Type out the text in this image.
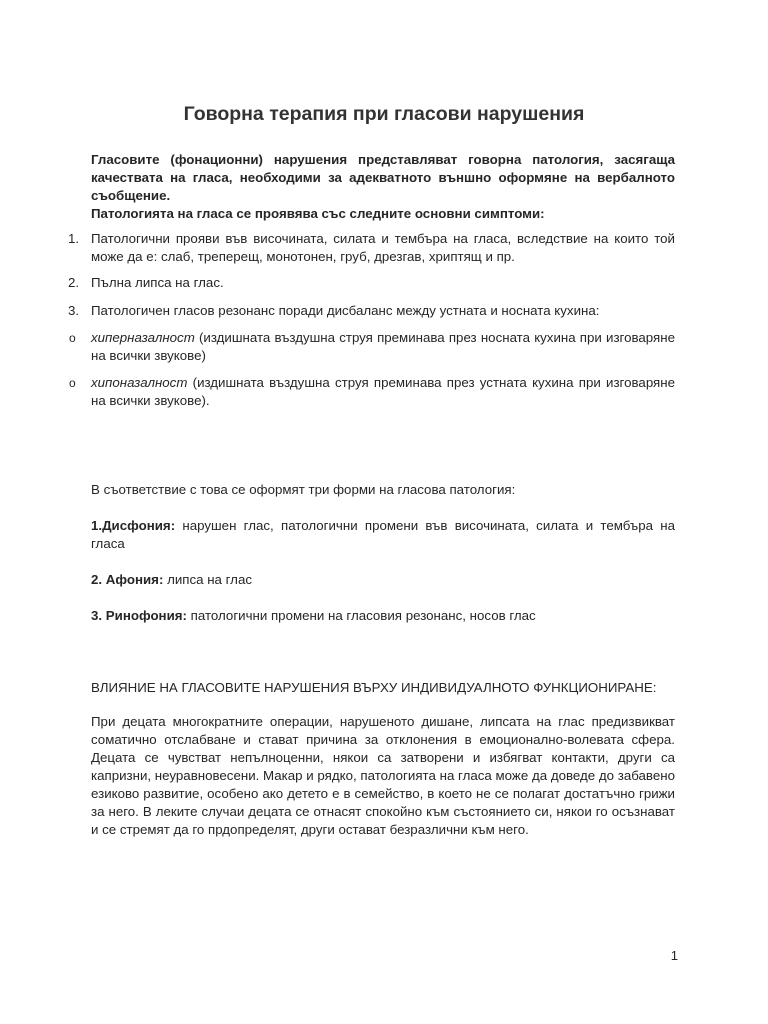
Говорна терапия при гласови нарушения

Гласовите (фонационни) нарушения представляват говорна патология, засягаща качествата на гласа, необходими за адекватното външно оформяне на вербалното съобщение.

Патологията на гласа се проявява със следните основни симптоми:

1. Патологични прояви във височината, силата и тембъра на гласа, вследствие на които той може да е: слаб, треперещ, монотонен, груб, дрезгав, хриптящ и пр.
2. Пълна липса на глас.
3. Патологичен гласов резонанс поради дисбаланс между устната и носната кухина:
o	хиперназалност (издишната въздушна струя преминава през носната кухина при изговаряне на всички звукове)
o	хипоназалност (издишната въздушна струя преминава през устната кухина при изговаряне на всички звукове).
В съответствие с това се оформят три форми на гласова патология:
1.Дисфония: нарушен глас, патологични промени във височината, силата и тембъра на гласа
2. Афония: липса на глас
3. Ринофония: патологични промени на гласовия резонанс, носов глас
ВЛИЯНИЕ НА ГЛАСОВИТЕ НАРУШЕНИЯ ВЪРХУ ИНДИВИДУАЛНОТО ФУНКЦИОНИРАНЕ:
При децата многократните операции, нарушеното дишане, липсата на глас предизвикват соматично отслабване и стават причина за отклонения в емоционално-волевата сфера. Децата се чувстват непълноценни, някои са затворени и избягват контакти, други са капризни, неуравновесени. Макар и рядко, патологията на гласа може да доведе до забавено езиково развитие, особено ако детето е в семейство, в което не се полагат достатъчно грижи за него. В леките случаи децата се отнасят спокойно към състоянието си, някои го осъзнават и се стремят да го прдопределят, други остават безразлични към него.
1
